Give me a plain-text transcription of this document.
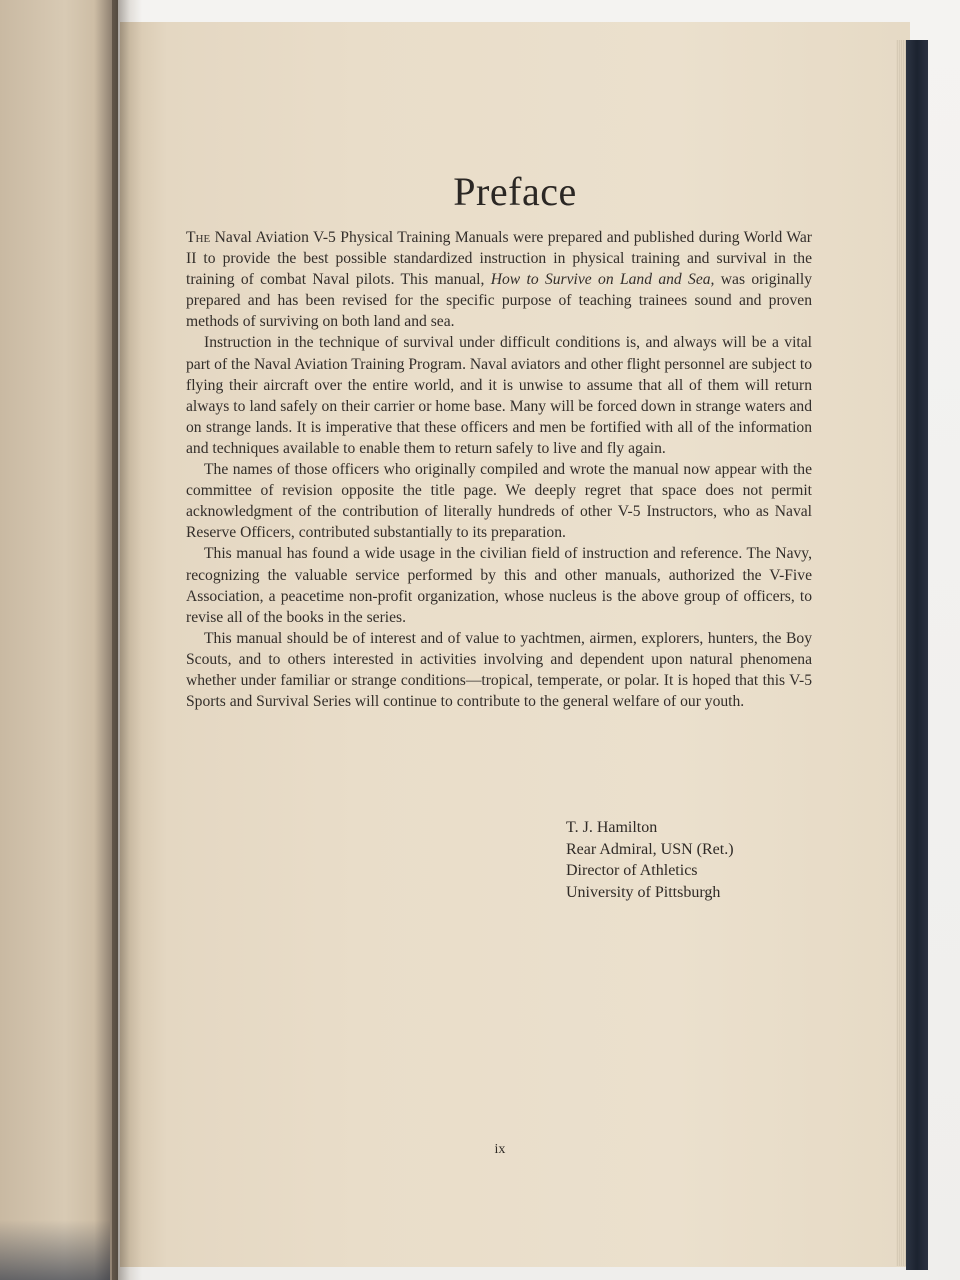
Preface

The Naval Aviation V-5 Physical Training Manuals were prepared and published during World War II to provide the best possible standardized instruction in physical training and survival in the training of combat Naval pilots. This manual, How to Survive on Land and Sea, was originally prepared and has been revised for the specific purpose of teaching trainees sound and proven methods of surviving on both land and sea.

Instruction in the technique of survival under difficult conditions is, and always will be a vital part of the Naval Aviation Training Program. Naval aviators and other flight personnel are subject to flying their aircraft over the entire world, and it is unwise to assume that all of them will return always to land safely on their carrier or home base. Many will be forced down in strange waters and on strange lands. It is imperative that these officers and men be fortified with all of the information and techniques available to enable them to return safely to live and fly again.

The names of those officers who originally compiled and wrote the manual now appear with the committee of revision opposite the title page. We deeply regret that space does not permit acknowledgment of the contribution of literally hundreds of other V-5 Instructors, who as Naval Reserve Officers, contributed substantially to its preparation.

This manual has found a wide usage in the civilian field of instruction and reference. The Navy, recognizing the valuable service performed by this and other manuals, authorized the V-Five Association, a peacetime non-profit organization, whose nucleus is the above group of officers, to revise all of the books in the series.

This manual should be of interest and of value to yachtmen, airmen, explorers, hunters, the Boy Scouts, and to others interested in activities involving and dependent upon natural phenomena whether under familiar or strange conditions—tropical, temperate, or polar. It is hoped that this V-5 Sports and Survival Series will continue to contribute to the general welfare of our youth.

T. J. Hamilton
Rear Admiral, USN (Ret.)
Director of Athletics
University of Pittsburgh
ix
